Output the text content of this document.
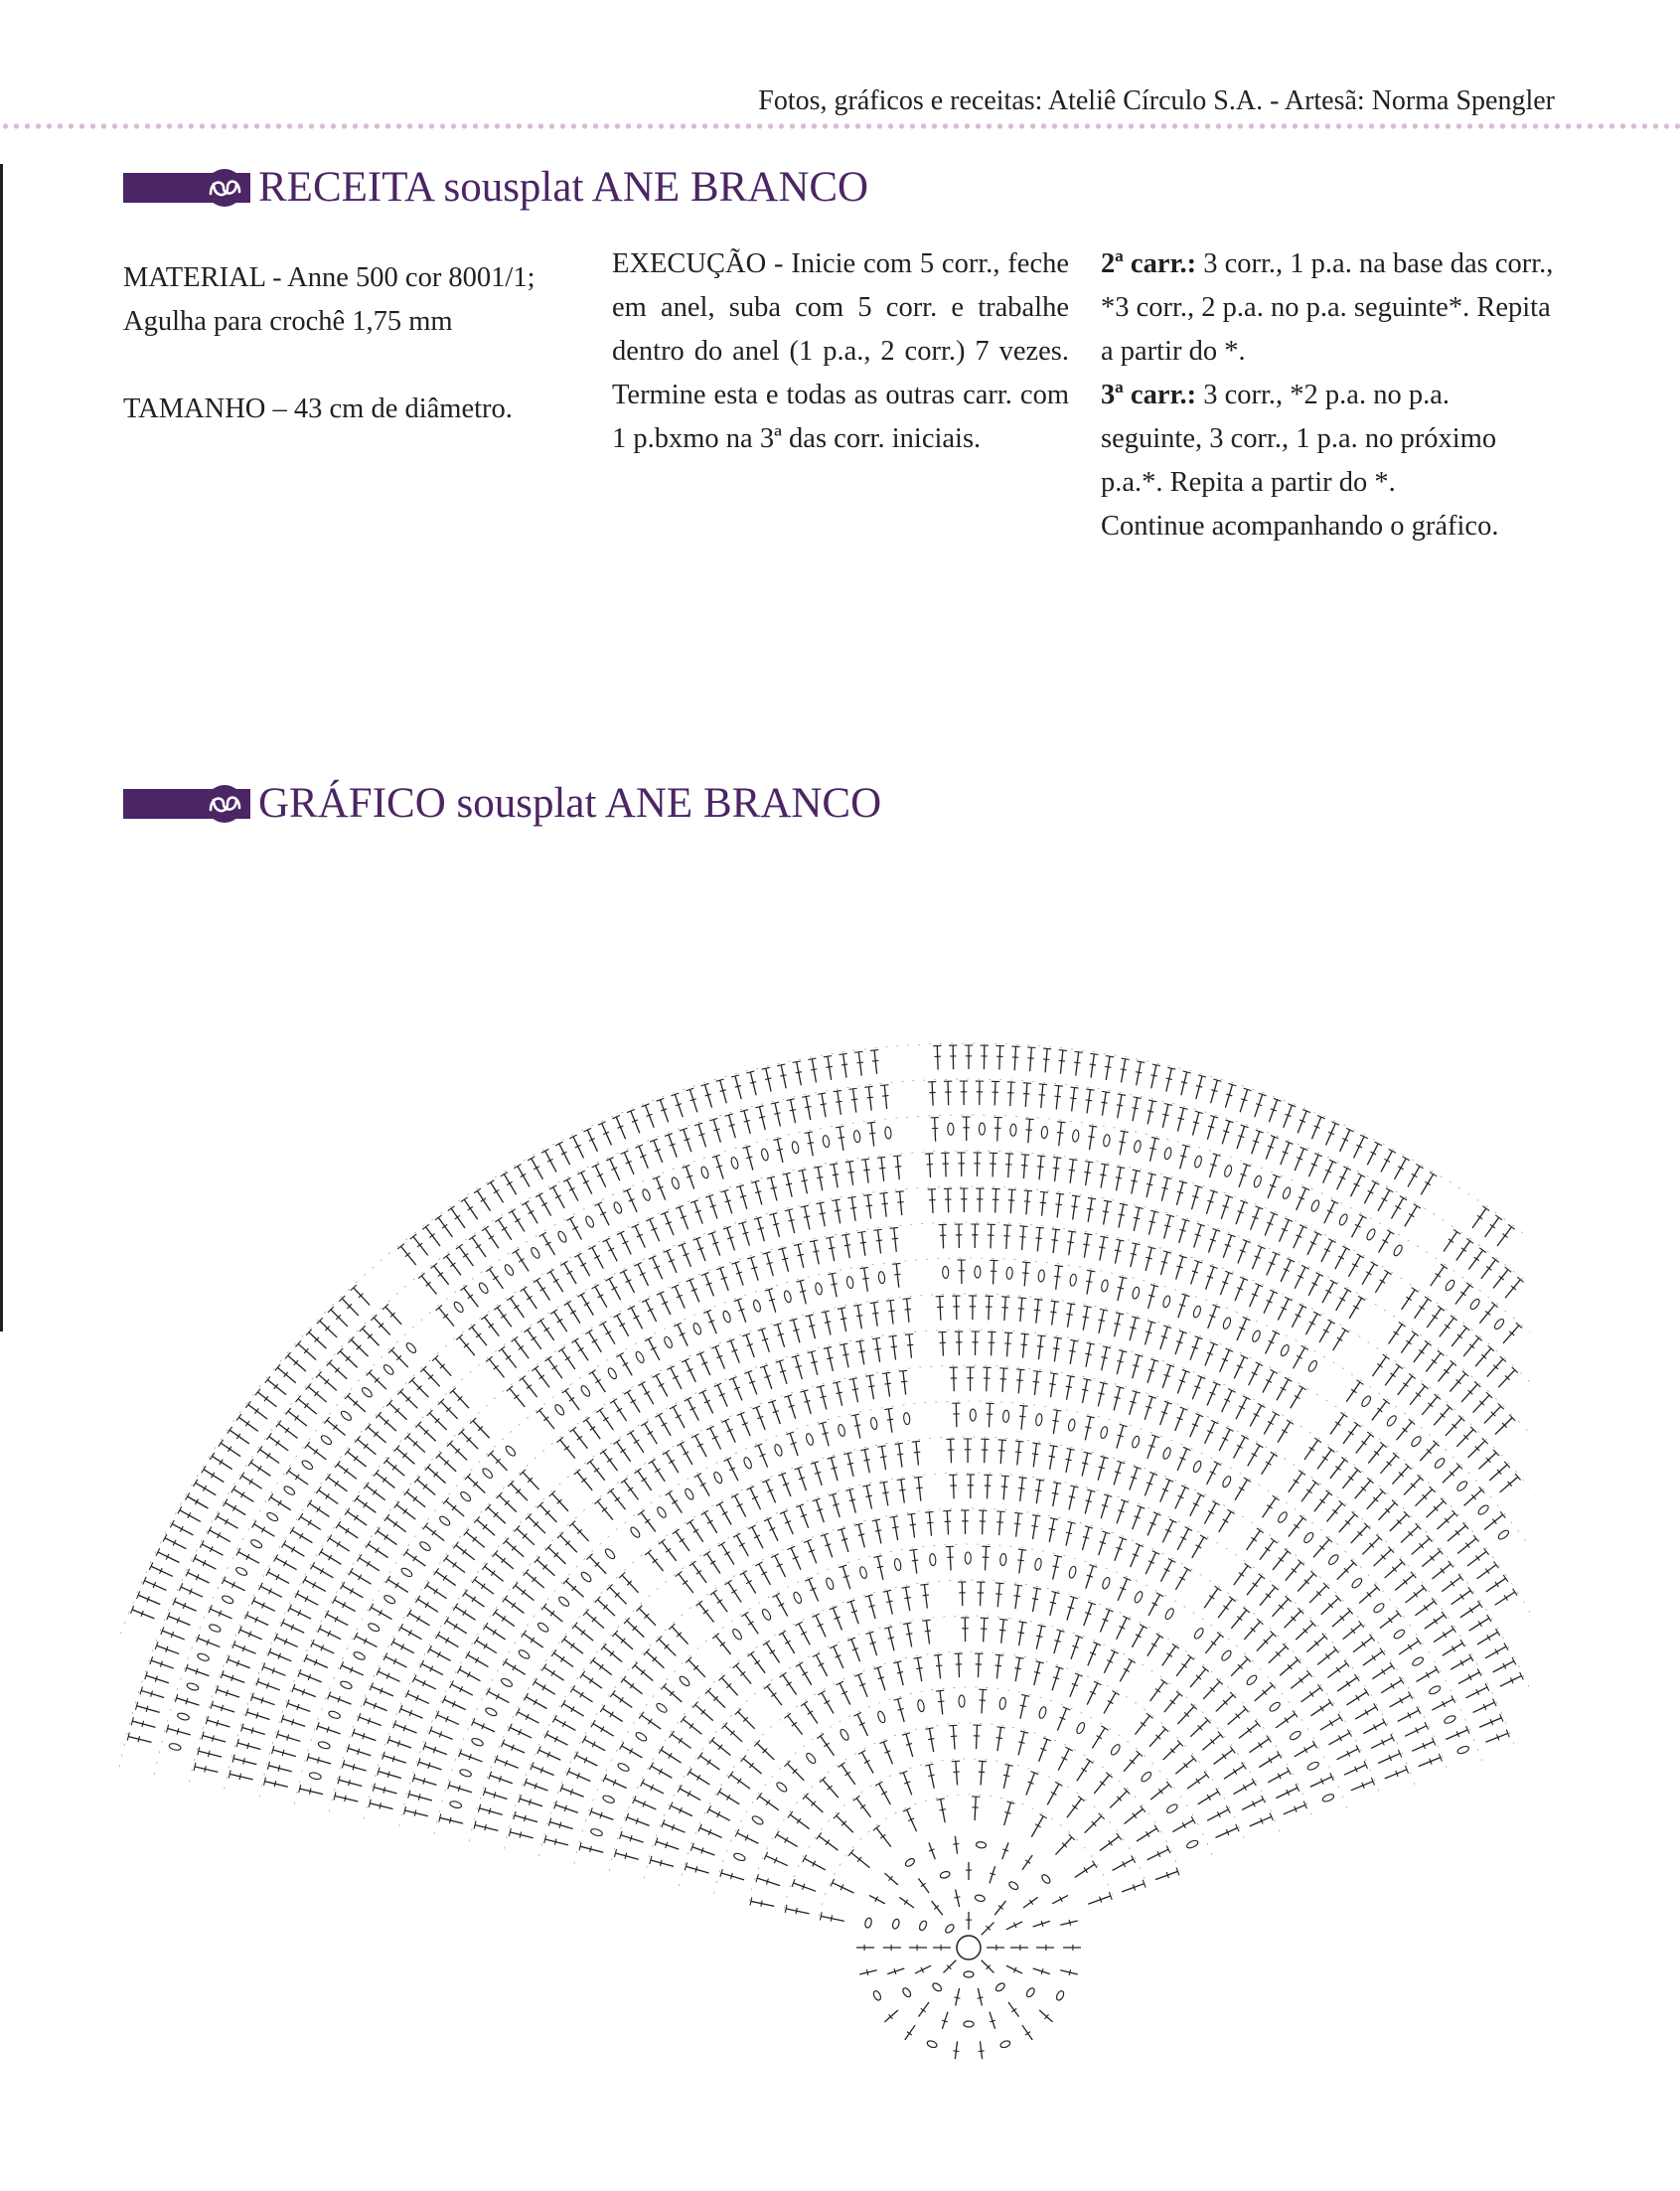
Fotos, gráficos e receitas: Ateliê Círculo S.A. - Artesã: Norma Spengler
RECEITA sousplat ANE BRANCO

MATERIAL - Anne 500 cor 8001/1;

Agulha para crochê 1,75 mm

TAMANHO – 43 cm de diâmetro.

EXECUÇÃO - Inicie com 5 corr., feche em anel, suba com 5 corr. e trabalhe dentro do anel (1 p.a., 2 corr.) 7 vezes. Termine esta e todas as outras carr. com 1 p.bxmo na 3ª das corr. iniciais.

2ª carr.: 3 corr., 1 p.a. na base das corr., *3 corr., 2 p.a. no p.a. seguinte*. Repita a partir do *.

3ª carr.: 3 corr., *2 p.a. no p.a. seguinte, 3 corr., 1 p.a. no próximo p.a.*. Repita a partir do *.

Continue acompanhando o gráfico.

GRÁFICO sousplat ANE BRANCO
